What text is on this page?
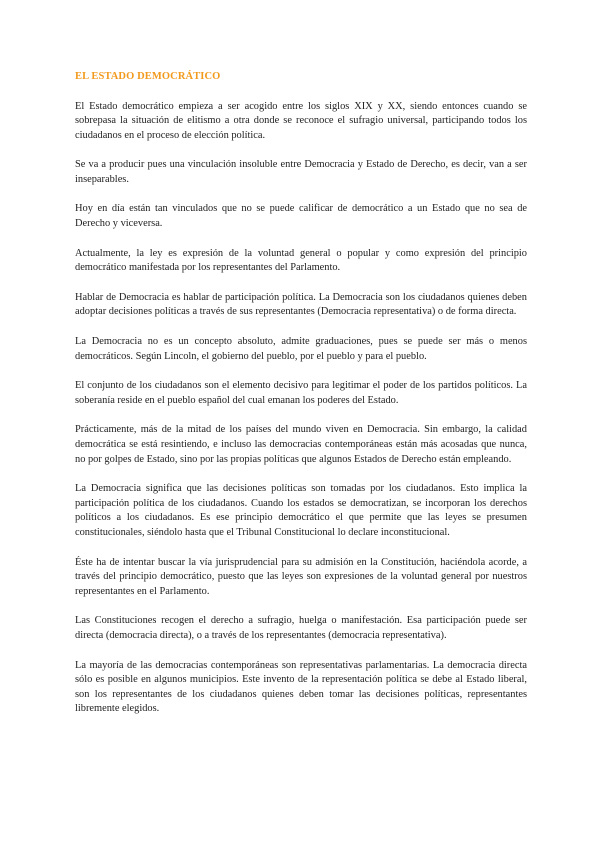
EL ESTADO DEMOCRÁTICO

El Estado democrático empieza a ser acogido entre los siglos XIX y XX, siendo entonces cuando se sobrepasa la situación de elitismo a otra donde se reconoce el sufragio universal, participando todos los ciudadanos en el proceso de elección política.

Se va a producir pues una vinculación insoluble entre Democracia y Estado de Derecho, es decir, van a ser inseparables.

Hoy en día están tan vinculados que no se puede calificar de democrático a un Estado que no sea de Derecho y viceversa.

Actualmente, la ley es expresión de la voluntad general o popular y como expresión del principio democrático manifestada por los representantes del Parlamento.

Hablar de Democracia es hablar de participación política. La Democracia son los ciudadanos quienes deben adoptar decisiones políticas a través de sus representantes (Democracia representativa) o de forma directa.

La Democracia no es un concepto absoluto, admite graduaciones, pues se puede ser más o menos democráticos. Según Lincoln, el gobierno del pueblo, por el pueblo y para el pueblo.

El conjunto de los ciudadanos son el elemento decisivo para legitimar el poder de los partidos políticos. La soberanía reside en el pueblo español del cual emanan los poderes del Estado.

Prácticamente, más de la mitad de los países del mundo viven en Democracia. Sin embargo, la calidad democrática se está resintiendo, e incluso las democracias contemporáneas están más acosadas que nunca, no por golpes de Estado, sino por las propias políticas que algunos Estados de Derecho están empleando.

La Democracia significa que las decisiones políticas son tomadas por los ciudadanos. Esto implica la participación política de los ciudadanos. Cuando los estados se democratizan, se incorporan los derechos políticos a los ciudadanos. Es ese principio democrático el que permite que las leyes se presumen constitucionales, siéndolo hasta que el Tribunal Constitucional lo declare inconstitucional.

Éste ha de intentar buscar la vía jurisprudencial para su admisión en la Constitución, haciéndola acorde, a través del principio democrático, puesto que las leyes son expresiones de la voluntad general por nuestros representantes en el Parlamento.

Las Constituciones recogen el derecho a sufragio, huelga o manifestación. Esa participación puede ser directa (democracia directa), o a través de los representantes (democracia representativa).

La mayoría de las democracias contemporáneas son representativas parlamentarias. La democracia directa sólo es posible en algunos municipios. Este invento de la representación política se debe al Estado liberal, son los representantes de los ciudadanos quienes deben tomar las decisiones políticas, representantes libremente elegidos.
